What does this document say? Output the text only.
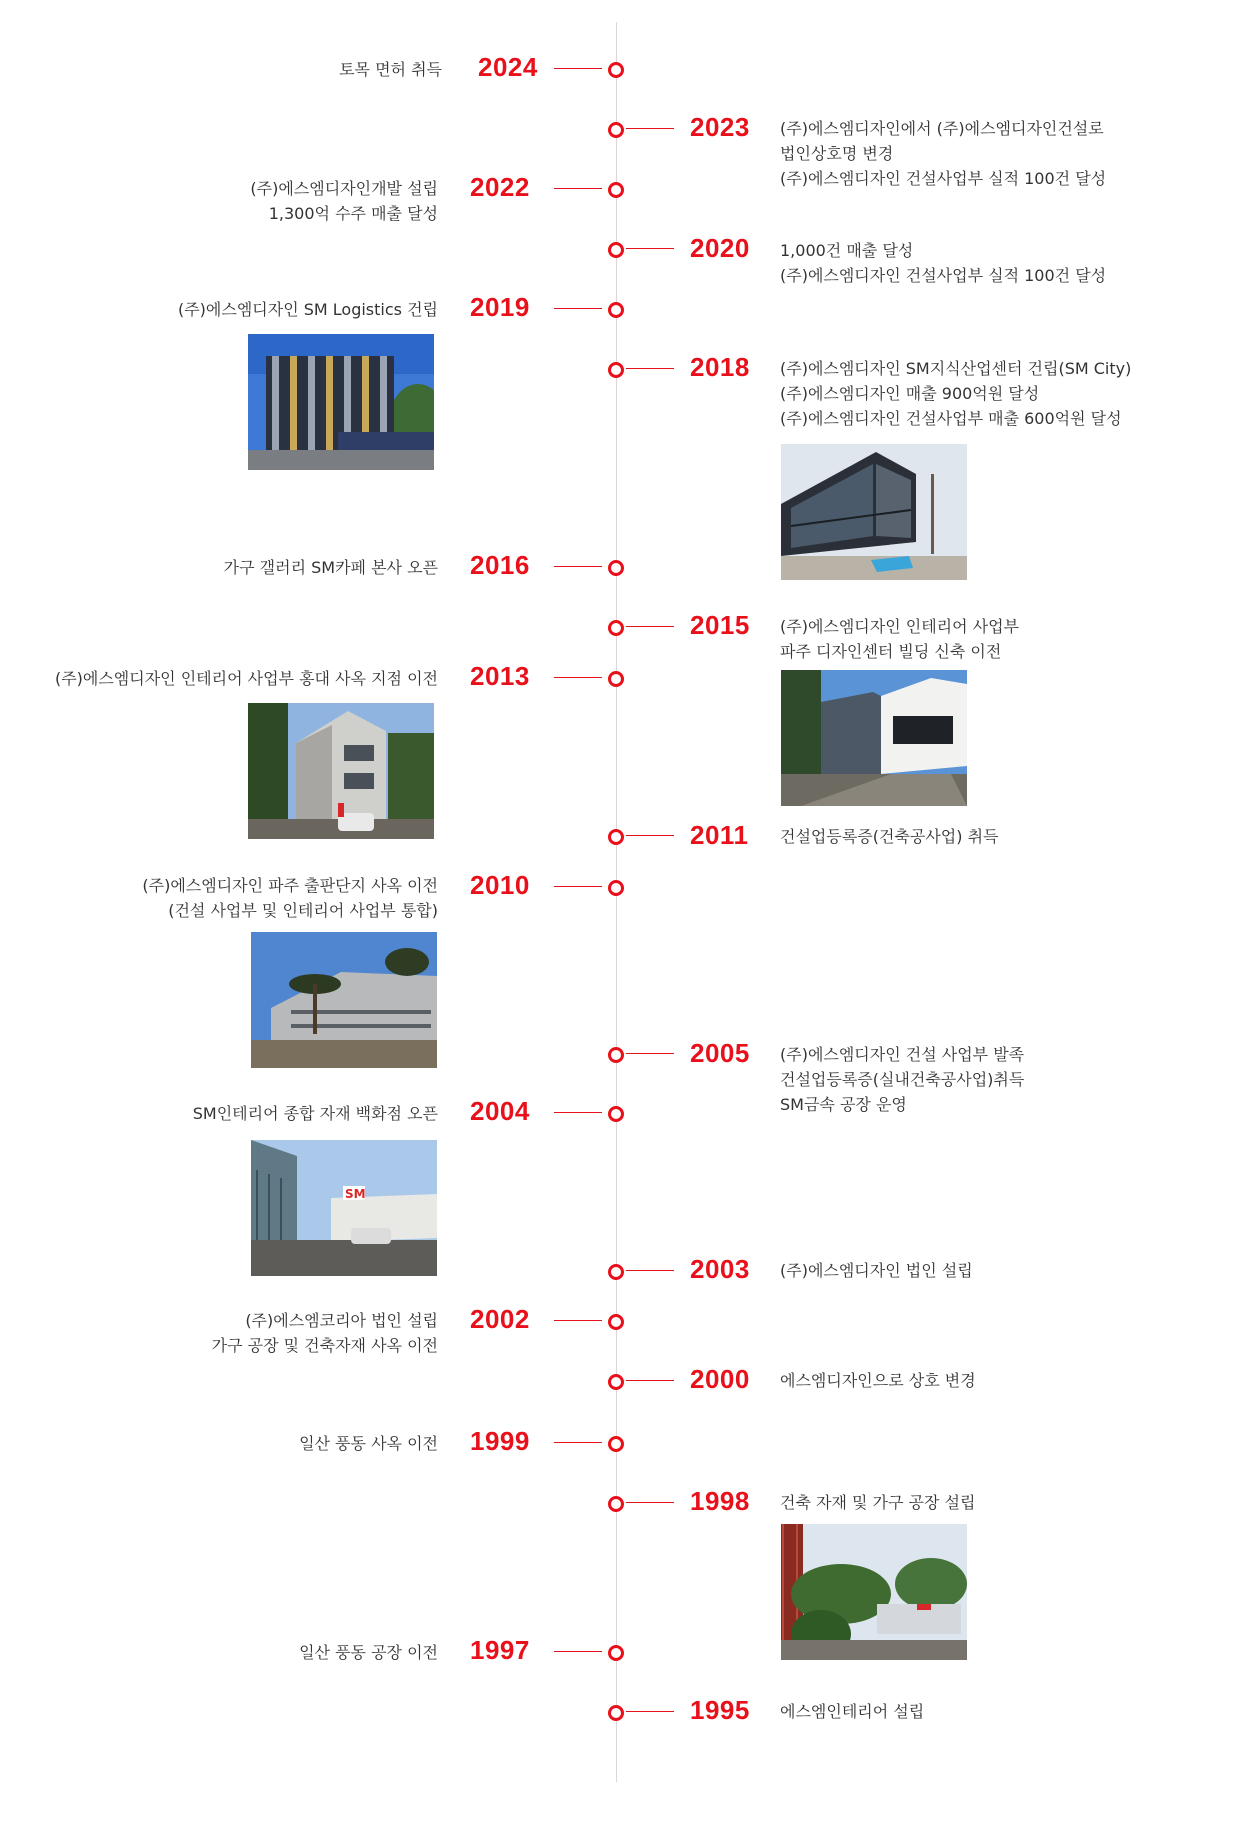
토목 면허 취득 2024
2023 (주)에스엠디자인에서 (주)에스엠디자인건설로
법인상호명 변경
(주)에스엠디자인 건설사업부 실적 100건 달성
(주)에스엠디자인개발 설립
1,300억 수주 매출 달성
2022
2020 1,000건 매출 달성
(주)에스엠디자인 건설사업부 실적 100건 달성
(주)에스엠디자인 SM Logistics 건립 2019
2018 (주)에스엠디자인 SM지식산업센터 건립(SM City)
(주)에스엠디자인 매출 900억원 달성
(주)에스엠디자인 건설사업부 매출 600억원 달성
가구 갤러리 SM카페 본사 오픈 2016
2015 (주)에스엠디자인 인테리어 사업부
파주 디자인센터 빌딩 신축 이전
(주)에스엠디자인 인테리어 사업부 홍대 사옥 지점 이전 2013
2011 건설업등록증(건축공사업) 취득
(주)에스엠디자인 파주 출판단지 사옥 이전
(건설 사업부 및 인테리어 사업부 통합)
2010
2005 (주)에스엠디자인 건설 사업부 발족
건설업등록증(실내건축공사업)취득
SM금속 공장 운영
SM인테리어 종합 자재 백화점 오픈 2004
2003 (주)에스엠디자인 법인 설립
(주)에스엠코리아 법인 설립
가구 공장 및 건축자재 사옥 이전
2002
2000 에스엠디자인으로 상호 변경
일산 풍동 사옥 이전 1999
1998 건축 자재 및 가구 공장 설립
일산 풍동 공장 이전 1997
1995 에스엠인테리어 설립
SM
